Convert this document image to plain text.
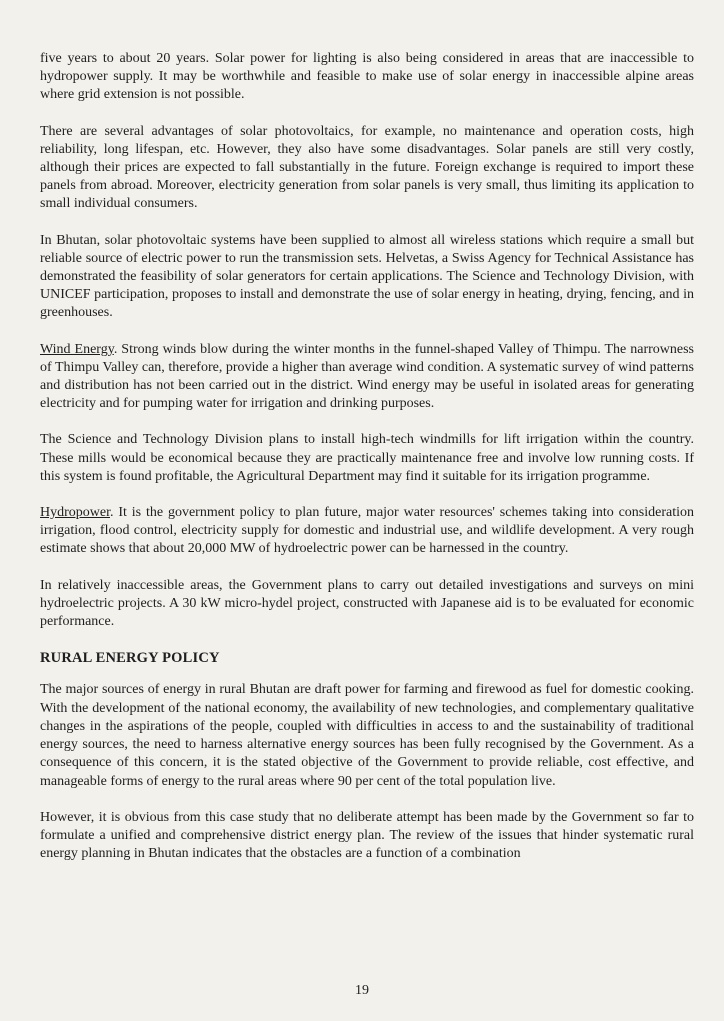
five years to about 20 years. Solar power for lighting is also being considered in areas that are inaccessible to hydropower supply. It may be worthwhile and feasible to make use of solar energy in inaccessible alpine areas where grid extension is not possible.

There are several advantages of solar photovoltaics, for example, no maintenance and operation costs, high reliability, long lifespan, etc. However, they also have some disadvantages. Solar panels are still very costly, although their prices are expected to fall substantially in the future. Foreign exchange is required to import these panels from abroad. Moreover, electricity generation from solar panels is very small, thus limiting its application to small individual consumers.

In Bhutan, solar photovoltaic systems have been supplied to almost all wireless stations which require a small but reliable source of electric power to run the transmission sets. Helvetas, a Swiss Agency for Technical Assistance has demonstrated the feasibility of solar generators for certain applications. The Science and Technology Division, with UNICEF participation, proposes to install and demonstrate the use of solar energy in heating, drying, fencing, and in greenhouses.

Wind Energy. Strong winds blow during the winter months in the funnel-shaped Valley of Thimpu. The narrowness of Thimpu Valley can, therefore, provide a higher than average wind condition. A systematic survey of wind patterns and distribution has not been carried out in the district. Wind energy may be useful in isolated areas for generating electricity and for pumping water for irrigation and drinking purposes.

The Science and Technology Division plans to install high-tech windmills for lift irrigation within the country. These mills would be economical because they are practically maintenance free and involve low running costs. If this system is found profitable, the Agricultural Department may find it suitable for its irrigation programme.

Hydropower. It is the government policy to plan future, major water resources' schemes taking into consideration irrigation, flood control, electricity supply for domestic and industrial use, and wildlife development. A very rough estimate shows that about 20,000 MW of hydroelectric power can be harnessed in the country.

In relatively inaccessible areas, the Government plans to carry out detailed investigations and surveys on mini hydroelectric projects. A 30 kW micro-hydel project, constructed with Japanese aid is to be evaluated for economic performance.

RURAL ENERGY POLICY

The major sources of energy in rural Bhutan are draft power for farming and firewood as fuel for domestic cooking. With the development of the national economy, the availability of new technologies, and complementary qualitative changes in the aspirations of the people, coupled with difficulties in access to and the sustainability of traditional energy sources, the need to harness alternative energy sources has been fully recognised by the Government. As a consequence of this concern, it is the stated objective of the Government to provide reliable, cost effective, and manageable forms of energy to the rural areas where 90 per cent of the total population live.

However, it is obvious from this case study that no deliberate attempt has been made by the Government so far to formulate a unified and comprehensive district energy plan. The review of the issues that hinder systematic rural energy planning in Bhutan indicates that the obstacles are a function of a combination

19
